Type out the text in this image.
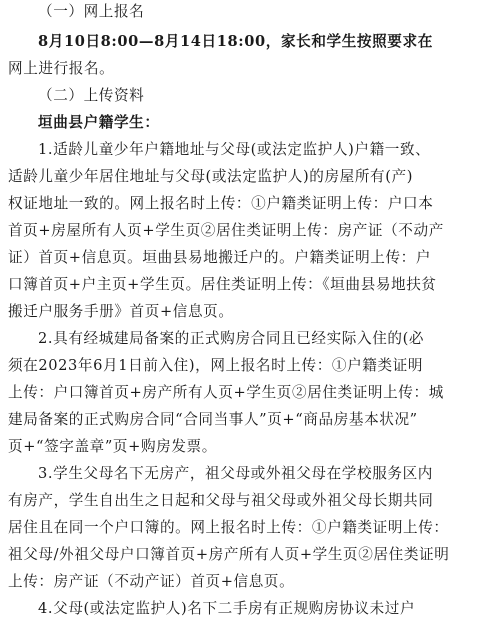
（一）网上报名
8月10日8:00—8月14日18:00，家长和学生按照要求在
网上进行报名。
（二）上传资料
垣曲县户籍学生：
1.适龄儿童少年户籍地址与父母(或法定监护人)户籍一致、
适龄儿童少年居住地址与父母(或法定监护人)的房屋所有(产)
权证地址一致的。网上报名时上传：①户籍类证明上传：户口本
首页+房屋所有人页+学生页②居住类证明上传：房产证（不动产
证）首页+信息页。垣曲县易地搬迁户的。户籍类证明上传：户
口簿首页+户主页+学生页。居住类证明上传：《垣曲县易地扶贫
搬迁户服务手册》首页+信息页。
2.具有经城建局备案的正式购房合同且已经实际入住的(必
须在2023年6月1日前入住)，网上报名时上传：①户籍类证明
上传：户口簿首页+房产所有人页+学生页②居住类证明上传：城
建局备案的正式购房合同“合同当事人”页+“商品房基本状况”
页+“签字盖章”页+购房发票。
3.学生父母名下无房产，祖父母或外祖父母在学校服务区内
有房产，学生自出生之日起和父母与祖父母或外祖父母长期共同
居住且在同一个户口簿的。网上报名时上传：①户籍类证明上传：
祖父母/外祖父母户口簿首页+房产所有人页+学生页②居住类证明
上传：房产证（不动产证）首页+信息页。
4.父母(或法定监护人)名下二手房有正规购房协议未过户
